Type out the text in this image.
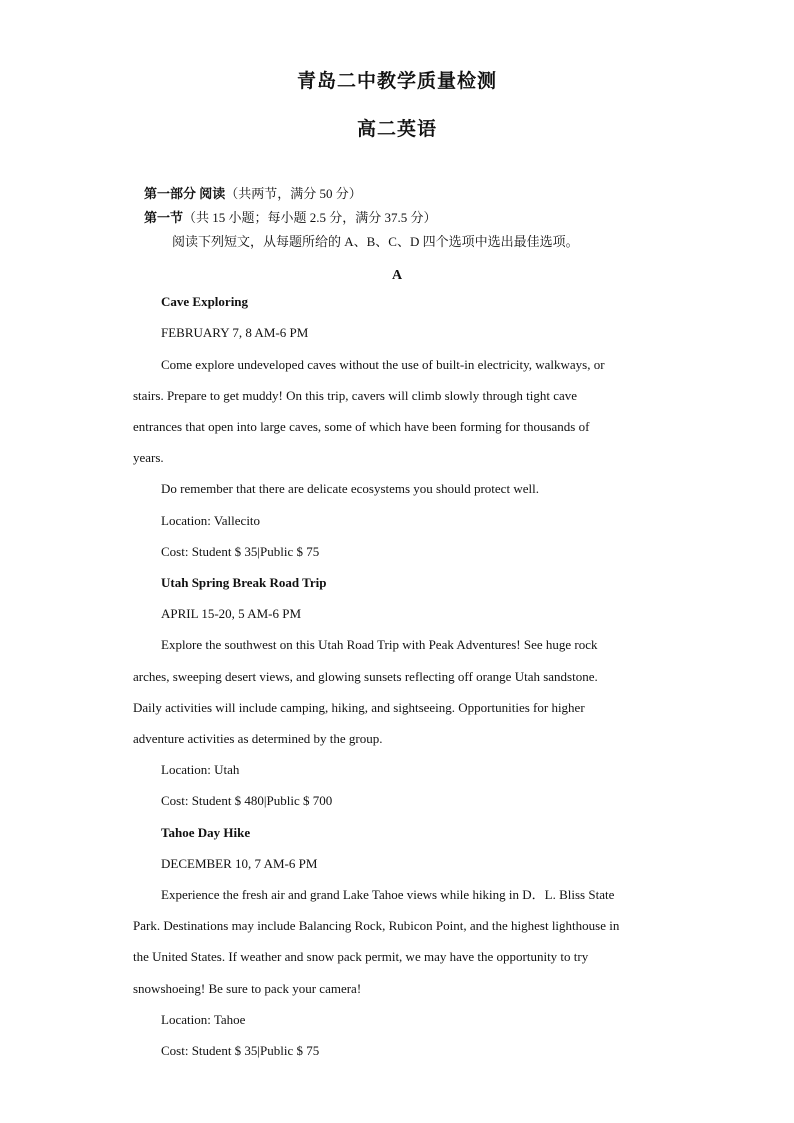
青岛二中教学质量检测
高二英语
第一部分 阅读（共两节，满分 50 分）
第一节（共 15 小题；每小题 2.5 分，满分 37.5 分）
阅读下列短文，从每题所给的 A、B、C、D 四个选项中选出最佳选项。
A
Cave Exploring
FEBRUARY 7, 8 AM-6 PM
Come explore undeveloped caves without the use of built-in electricity, walkways, or
stairs. Prepare to get muddy! On this trip, cavers will climb slowly through tight cave
entrances that open into large caves, some of which have been forming for thousands of
years.
Do remember that there are delicate ecosystems you should protect well.
Location: Vallecito
Cost: Student $ 35|Public $ 75
Utah Spring Break Road Trip
APRIL 15-20, 5 AM-6 PM
Explore the southwest on this Utah Road Trip with Peak Adventures! See huge rock
arches, sweeping desert views, and glowing sunsets reflecting off orange Utah sandstone.
Daily activities will include camping, hiking, and sightseeing. Opportunities for higher
adventure activities as determined by the group.
Location: Utah
Cost: Student $ 480|Public $ 700
Tahoe Day Hike
DECEMBER 10, 7 AM-6 PM
Experience the fresh air and grand Lake Tahoe views while hiking in D．L. Bliss State
Park. Destinations may include Balancing Rock, Rubicon Point, and the highest lighthouse in
the United States. If weather and snow pack permit, we may have the opportunity to try
snowshoeing! Be sure to pack your camera!
Location: Tahoe
Cost: Student $ 35|Public $ 75
